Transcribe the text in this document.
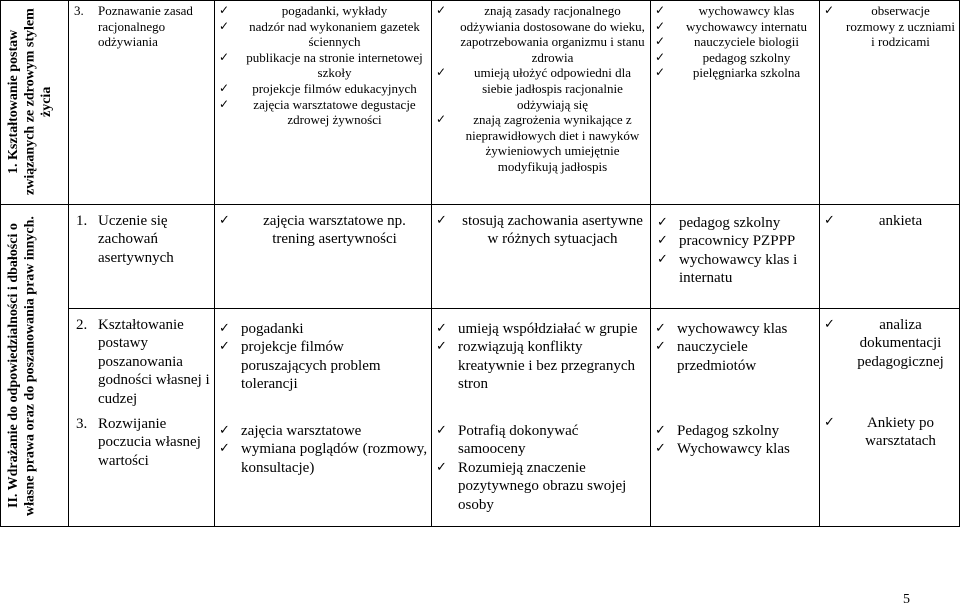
1. Kształtowanie postaw związanych ze zdrowym stylem życia
3.	Poznawanie zasad racjonalnego odżywiania
✓ pogadanki, wykłady
✓ nadzór nad wykonaniem gazetek ściennych
✓ publikacje na stronie internetowej szkoły
✓ projekcje filmów edukacyjnych
✓ zajęcia warsztatowe degustacje zdrowej żywności
✓ znają zasady racjonalnego odżywiania dostosowane do wieku, zapotrzebowania organizmu i stanu zdrowia
✓ umieją ułożyć odpowiedni dla siebie jadłospis racjonalnie odżywiają się
✓ znają zagrożenia wynikające z nieprawidłowych diet i nawyków żywieniowych umiejętnie modyfikują jadłospis
✓ wychowawcy klas
✓ wychowawcy internatu
✓ nauczyciele biologii
✓ pedagog szkolny
✓ pielęgniarka szkolna
✓ obserwacje rozmowy z uczniami i rodzicami
II. Wdrażanie do odpowiedzialności i dbałości o własne prawa oraz do poszanowania praw innych.	1. Uczenie się zachowań asertywnych
✓ zajęcia warsztatowe np. trening asertywności
✓ stosują zachowania asertywne w różnych sytuacjach
✓ pedagog szkolny
✓ pracownicy PZPPP
✓ wychowawcy klas i internatu
✓ ankieta
2. Kształtowanie postawy poszanowania godności własnej i cudzej
✓ pogadanki
✓ projekcje filmów poruszających problem tolerancji
✓ umieją współdziałać w grupie
✓ rozwiązują konflikty kreatywnie i bez przegranych stron
✓ wychowawcy klas
✓ nauczyciele przedmiotów
✓ analiza dokumentacji pedagogicznej
3. Rozwijanie poczucia własnej wartości
✓ zajęcia warsztatowe
✓ wymiana poglądów (rozmowy, konsultacje)
✓ Potrafią dokonywać samooceny
✓ Rozumieją znaczenie pozytywnego obrazu swojej osoby
✓ Pedagog szkolny
✓ Wychowawcy klas
✓ Ankiety po warsztatach
5
